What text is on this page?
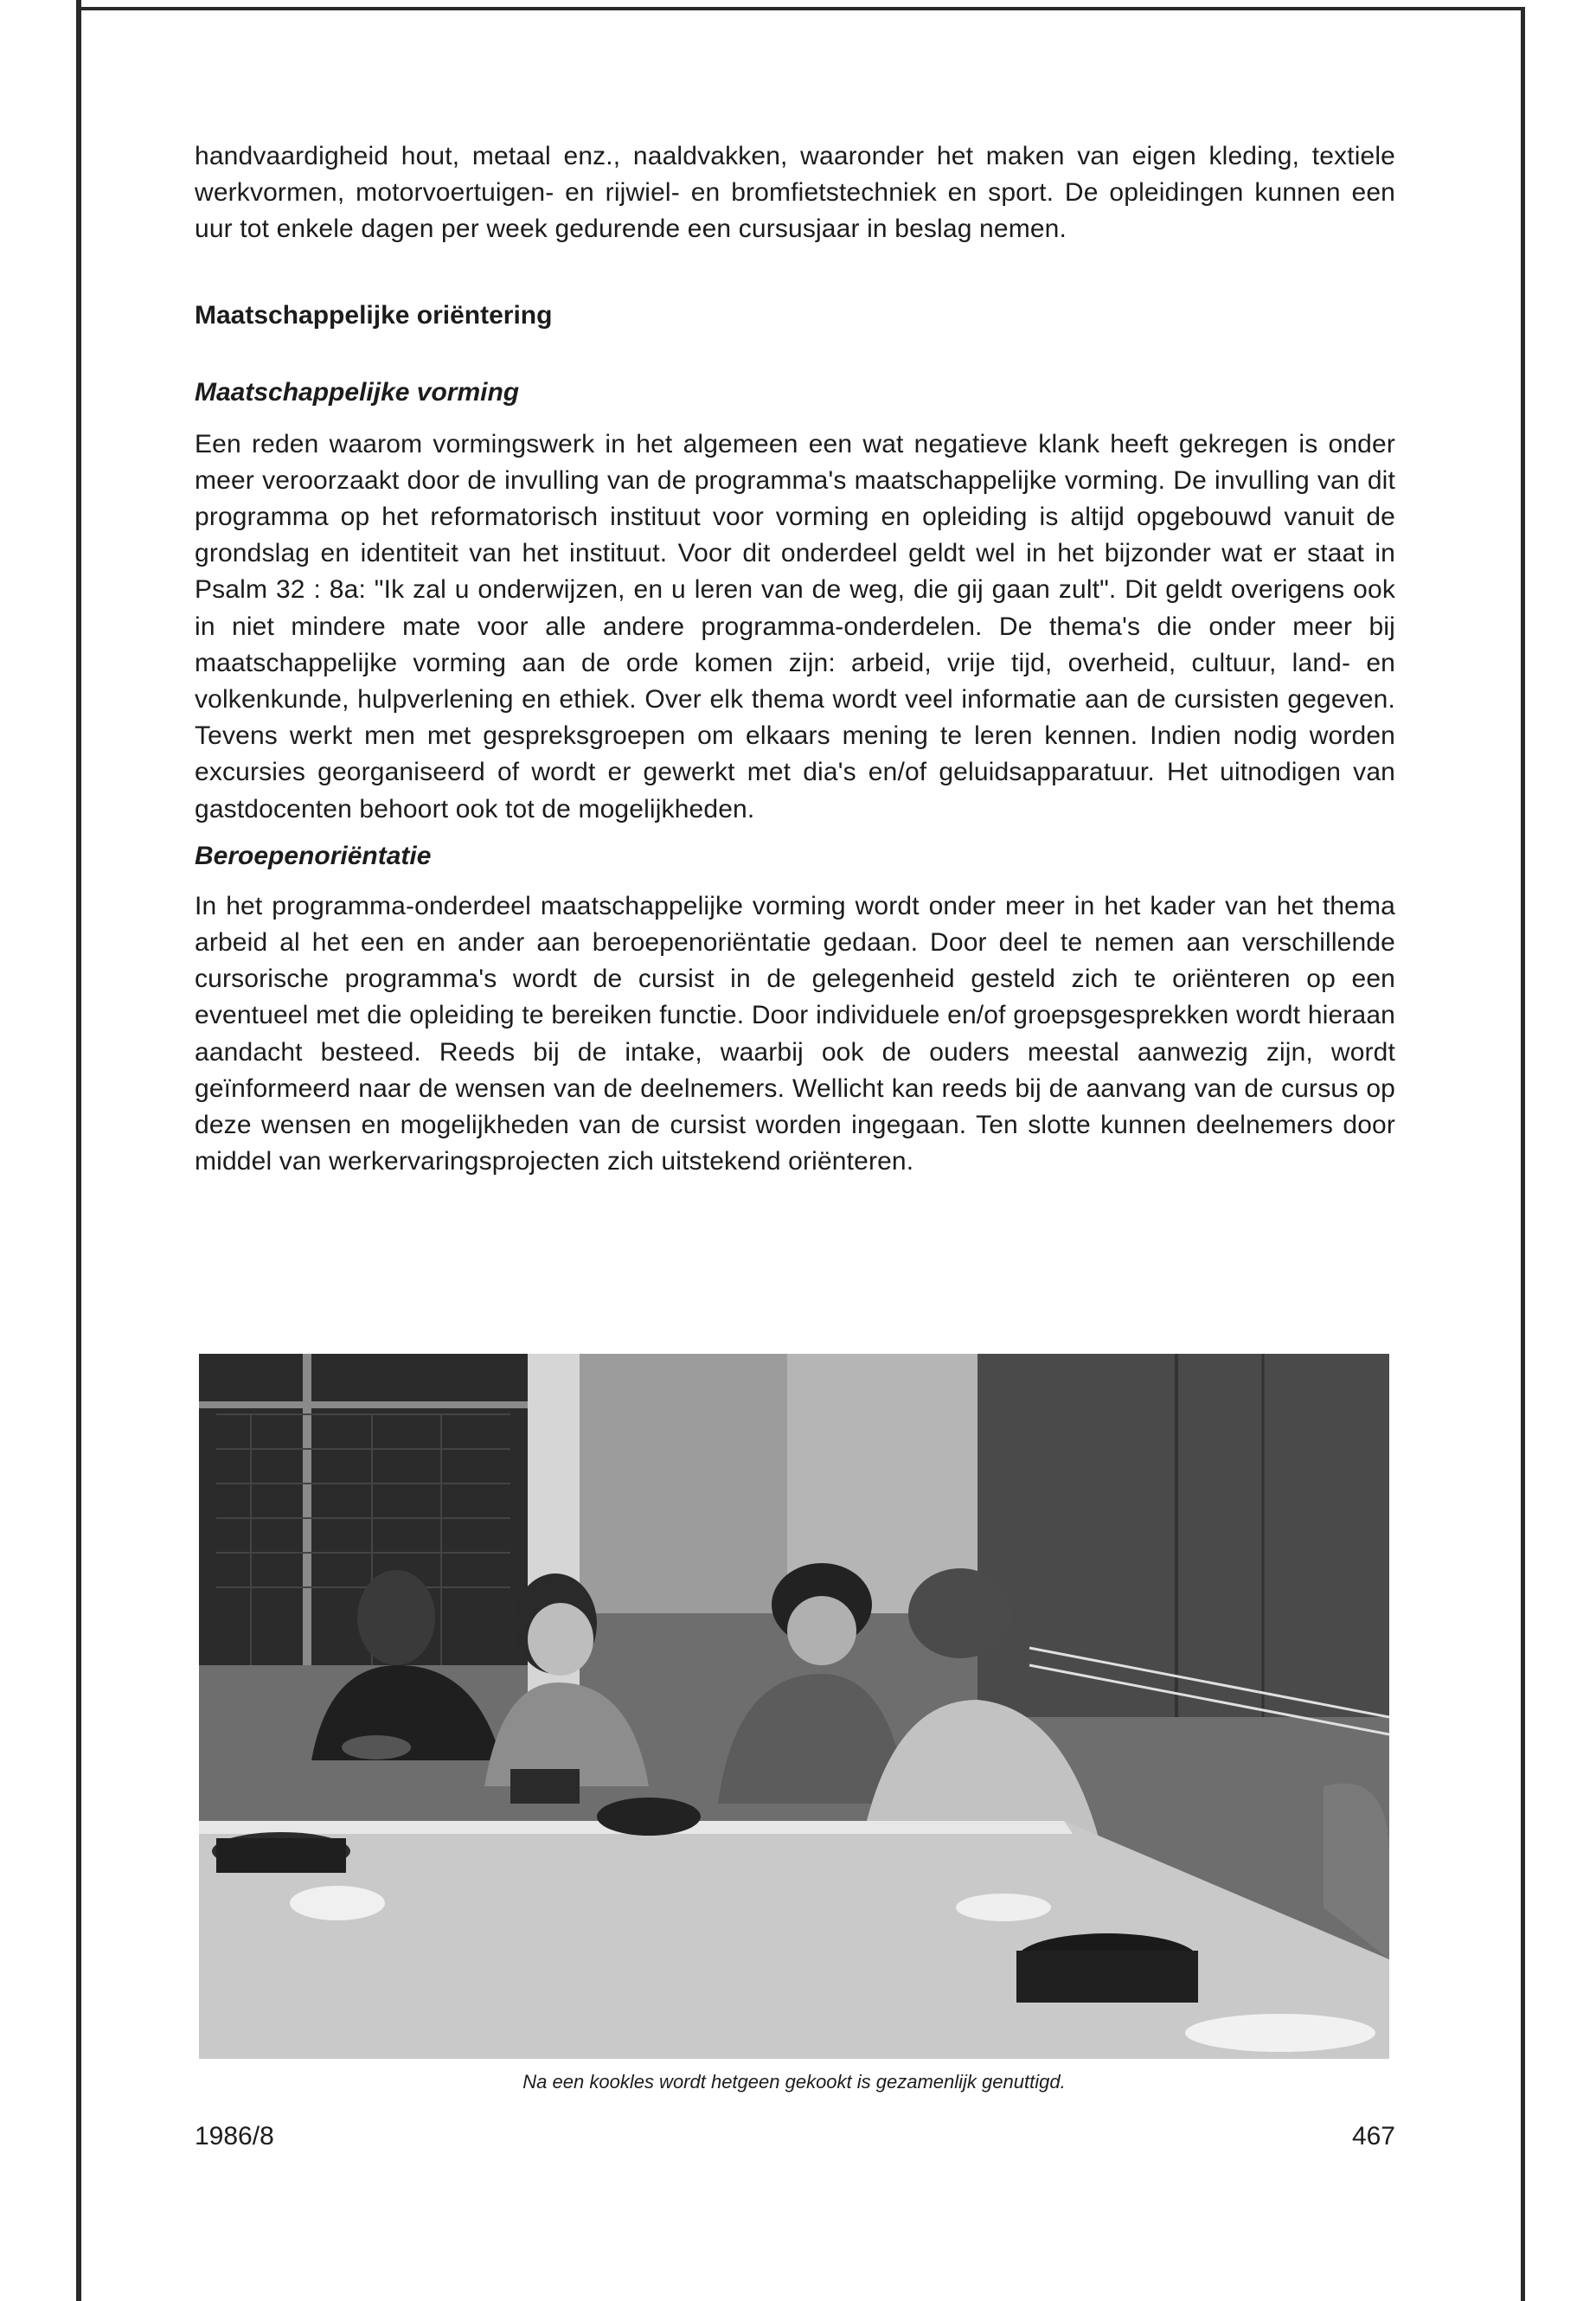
handvaardigheid hout, metaal enz., naaldvakken, waaronder het maken van eigen kleding, textiele werkvormen, motorvoertuigen- en rijwiel- en bromfietstechniek en sport. De opleidingen kunnen een uur tot enkele dagen per week gedurende een cursusjaar in beslag nemen.

Maatschappelijke oriëntering
Maatschappelijke vorming

Een reden waarom vormingswerk in het algemeen een wat negatieve klank heeft gekregen is onder meer veroorzaakt door de invulling van de programma's maatschappelijke vorming. De invulling van dit programma op het reformatorisch instituut voor vorming en opleiding is altijd opgebouwd vanuit de grondslag en identiteit van het instituut. Voor dit onderdeel geldt wel in het bijzonder wat er staat in Psalm 32 : 8a: "Ik zal u onderwijzen, en u leren van de weg, die gij gaan zult". Dit geldt overigens ook in niet mindere mate voor alle andere programma-onderdelen. De thema's die onder meer bij maatschappelijke vorming aan de orde komen zijn: arbeid, vrije tijd, overheid, cultuur, land- en volkenkunde, hulpverlening en ethiek. Over elk thema wordt veel informatie aan de cursisten gegeven. Tevens werkt men met gespreksgroepen om elkaars mening te leren kennen. Indien nodig worden excursies georganiseerd of wordt er gewerkt met dia's en/of geluidsapparatuur. Het uitnodigen van gastdocenten behoort ook tot de mogelijkheden.

Beroepenoriëntatie

In het programma-onderdeel maatschappelijke vorming wordt onder meer in het kader van het thema arbeid al het een en ander aan beroepenoriëntatie gedaan. Door deel te nemen aan verschillende cursorische programma's wordt de cursist in de gelegenheid gesteld zich te oriënteren op een eventueel met die opleiding te bereiken functie. Door individuele en/of groepsgesprekken wordt hieraan aandacht besteed. Reeds bij de intake, waarbij ook de ouders meestal aanwezig zijn, wordt geïnformeerd naar de wensen van de deelnemers. Wellicht kan reeds bij de aanvang van de cursus op deze wensen en mogelijkheden van de cursist worden ingegaan. Ten slotte kunnen deelnemers door middel van werkervaringsprojecten zich uitstekend oriënteren.

Na een kookles wordt hetgeen gekookt is gezamenlijk genuttigd.
1986/8	467
